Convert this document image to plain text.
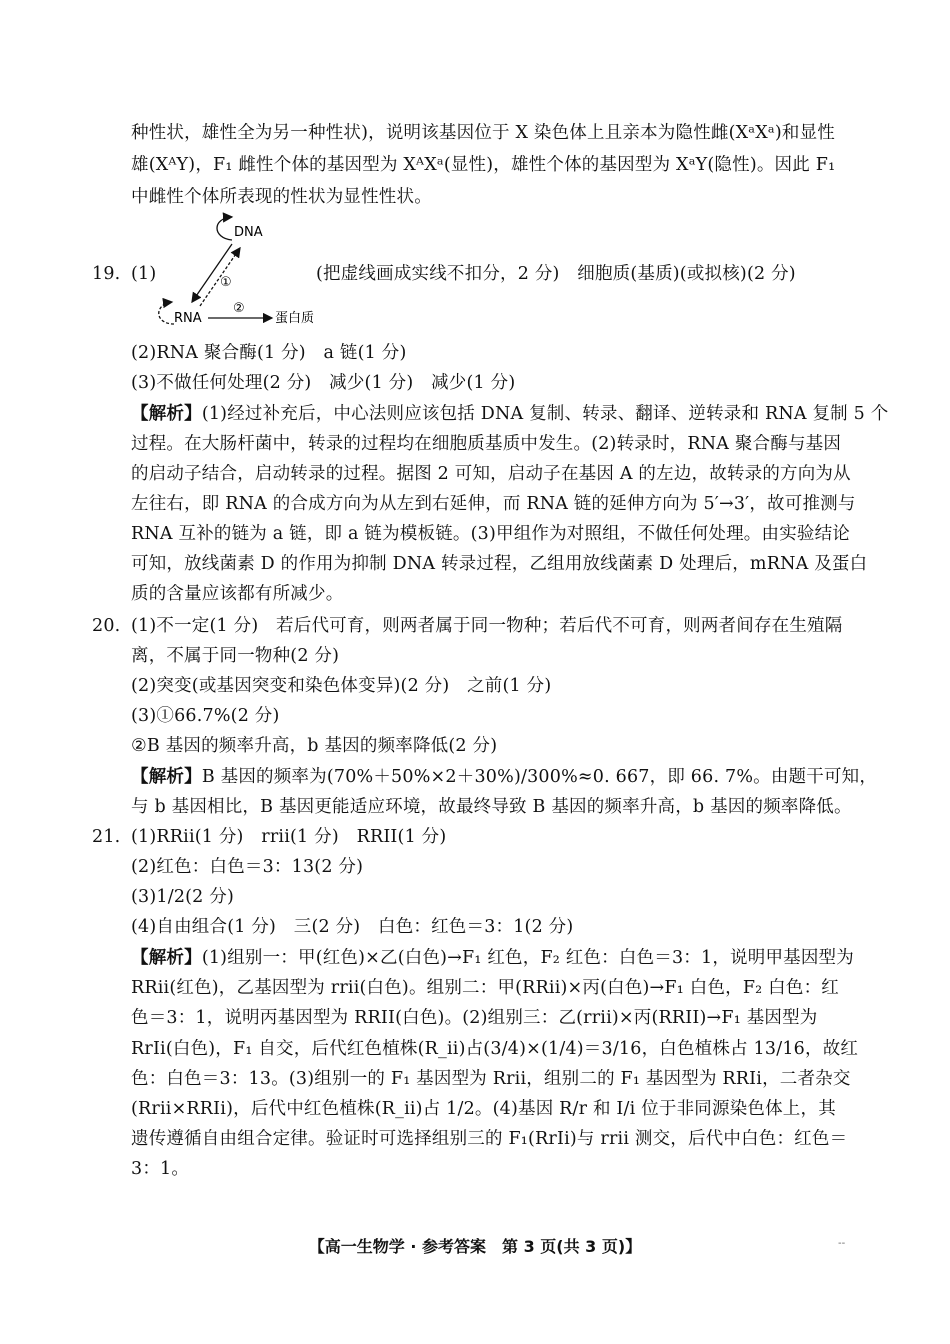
种性状，雄性全为另一种性状)，说明该基因位于 X 染色体上且亲本为隐性雌(XᵃXᵃ)和显性
雄(XᴬY)，F₁ 雌性个体的基因型为 XᴬXᵃ(显性)，雄性个体的基因型为 XᵃY(隐性)。因此 F₁
中雌性个体所表现的性状为显性性状。
19. (1)
DNA
①
RNA
②
蛋白质
(把虚线画成实线不扣分，2 分)　细胞质(基质)(或拟核)(2 分)
(2)RNA 聚合酶(1 分)　a 链(1 分)
(3)不做任何处理(2 分)　减少(1 分)　减少(1 分)
【解析】(1)经过补充后，中心法则应该包括 DNA 复制、转录、翻译、逆转录和 RNA 复制 5 个
过程。在大肠杆菌中，转录的过程均在细胞质基质中发生。(2)转录时，RNA 聚合酶与基因
的启动子结合，启动转录的过程。据图 2 可知，启动子在基因 A 的左边，故转录的方向为从
左往右，即 RNA 的合成方向为从左到右延伸，而 RNA 链的延伸方向为 5′→3′，故可推测与
RNA 互补的链为 a 链，即 a 链为模板链。(3)甲组作为对照组，不做任何处理。由实验结论
可知，放线菌素 D 的作用为抑制 DNA 转录过程，乙组用放线菌素 D 处理后，mRNA 及蛋白
质的含量应该都有所减少。
20. (1)不一定(1 分)　若后代可育，则两者属于同一物种；若后代不可育，则两者间存在生殖隔
离，不属于同一物种(2 分)
(2)突变(或基因突变和染色体变异)(2 分)　之前(1 分)
(3)①66.7%(2 分)
②B 基因的频率升高，b 基因的频率降低(2 分)
【解析】B 基因的频率为(70%＋50%×2＋30%)/300%≈0. 667，即 66. 7%。由题干可知，
与 b 基因相比，B 基因更能适应环境，故最终导致 B 基因的频率升高，b 基因的频率降低。
21. (1)RRii(1 分)　rrii(1 分)　RRII(1 分)
(2)红色：白色＝3：13(2 分)
(3)1/2(2 分)
(4)自由组合(1 分)　三(2 分)　白色：红色＝3：1(2 分)
【解析】(1)组别一：甲(红色)×乙(白色)→F₁ 红色，F₂ 红色：白色＝3：1，说明甲基因型为
RRii(红色)，乙基因型为 rrii(白色)。组别二：甲(RRii)×丙(白色)→F₁ 白色，F₂ 白色：红
色＝3：1，说明丙基因型为 RRII(白色)。(2)组别三：乙(rrii)×丙(RRII)→F₁ 基因型为
RrIi(白色)，F₁ 自交，后代红色植株(R_ii)占(3/4)×(1/4)＝3/16，白色植株占 13/16，故红
色：白色＝3：13。(3)组别一的 F₁ 基因型为 Rrii，组别二的 F₁ 基因型为 RRIi，二者杂交
(Rrii×RRIi)，后代中红色植株(R_ii)占 1/2。(4)基因 R/r 和 I/i 位于非同源染色体上，其
遗传遵循自由组合定律。验证时可选择组别三的 F₁(RrIi)与 rrii 测交，后代中白色：红色＝
3：1。
【高一生物学 · 参考答案　第 3 页(共 3 页)】	--
